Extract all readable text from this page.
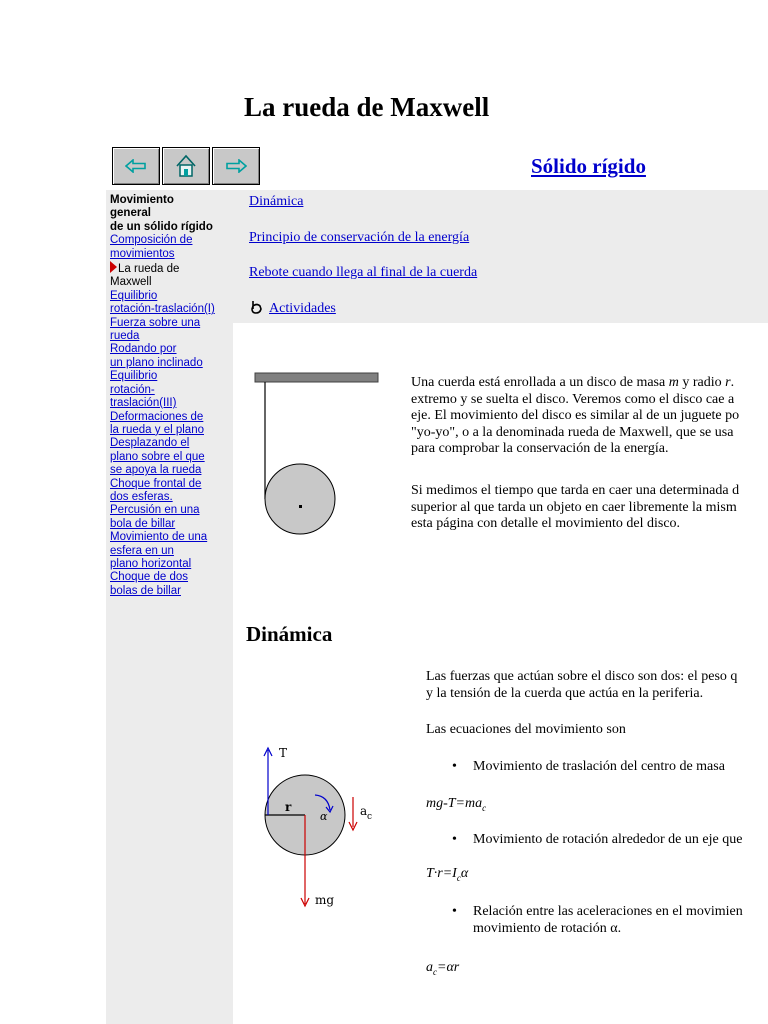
La rueda de Maxwell
Sólido rígido
Movimiento
general
de un sólido rígido
Composición de
movimientos
La rueda de
Maxwell
Equilibrio
rotación-traslación(I)
Fuerza sobre una
rueda
Rodando por
un plano inclinado
Equilibrio
rotación-
traslación(III)
Deformaciones de
la rueda y el plano
Desplazando el
plano sobre el que
se apoya la rueda
Choque frontal de
dos esferas.
Percusión en una
bola de billar
Movimiento de una
esfera en un
plano horizontal
Choque de dos
bolas de billar
Dinámica
Principio de conservación de la energía
Rebote cuando llega al final de la cuerda
Actividades
Una cuerda está enrollada a un disco de masa m y radio r.
extremo y se suelta el disco. Veremos como el disco cae a
eje. El movimiento del disco es similar al de un juguete po
"yo-yo", o a la denominada rueda de Maxwell, que se usa
para comprobar la conservación de la energía.
Si medimos el tiempo que tarda en caer una determinada d
superior al que tarda un objeto en caer libremente la mism
esta página con detalle el movimiento del disco.
Dinámica
T
r
α	a c
mg
Las fuerzas que actúan sobre el disco son dos: el peso q
y la tensión de la cuerda que actúa en la periferia.
Las ecuaciones del movimiento son
• Movimiento de traslación del centro de masa
$mg-T=ma_c$
• Movimiento de rotación alrededor de un eje que
$T\cdot r=I_c\alpha$
• Relación entre las aceleraciones en el movimien
movimiento de rotación α.
$a_c=\alpha r$
